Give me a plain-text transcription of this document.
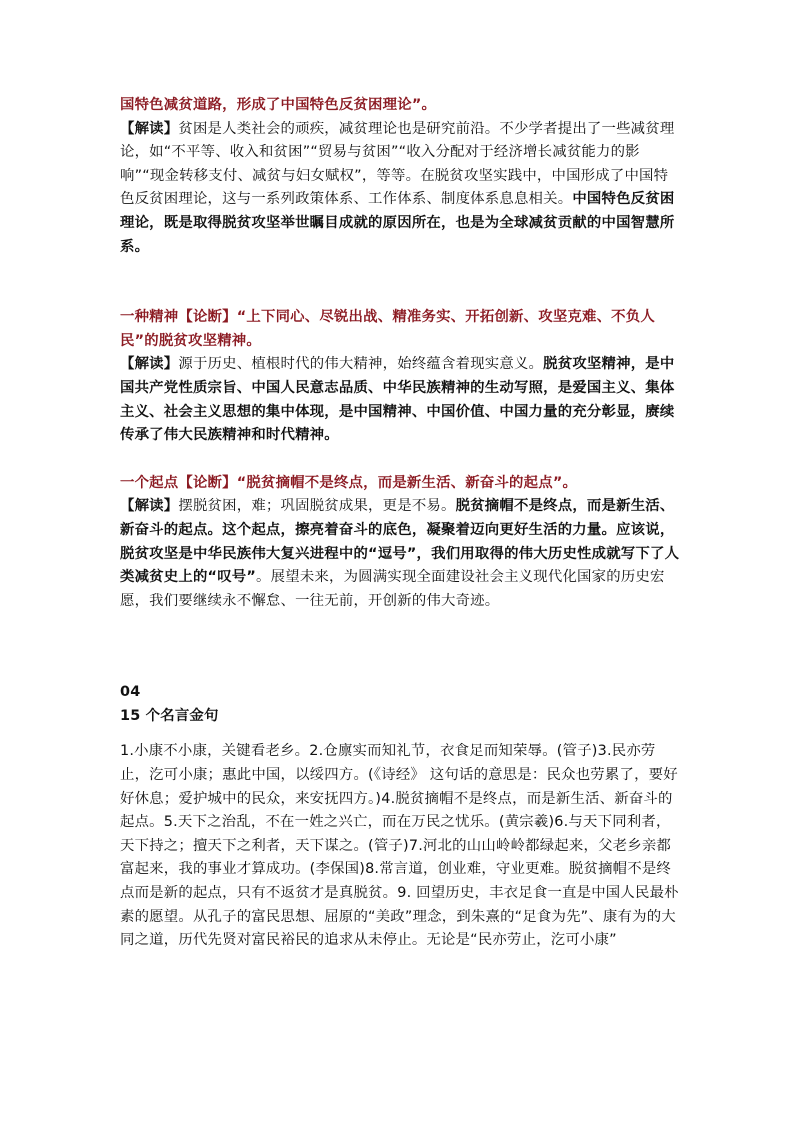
国特色减贫道路，形成了中国特色反贫困理论”。
【解读】贫困是人类社会的顽疾，减贫理论也是研究前沿。不少学者提出了一些减贫理论，如“不平等、收入和贫困”“贸易与贫困”“收入分配对于经济增长减贫能力的影响”“现金转移支付、减贫与妇女赋权”，等等。在脱贫攻坚实践中，中国形成了中国特色反贫困理论，这与一系列政策体系、工作体系、制度体系息息相关。中国特色反贫困理论，既是取得脱贫攻坚举世瞩目成就的原因所在，也是为全球减贫贡献的中国智慧所系。

一种精神【论断】“上下同心、尽锐出战、精准务实、开拓创新、攻坚克难、不负人民”的脱贫攻坚精神。
【解读】源于历史、植根时代的伟大精神，始终蕴含着现实意义。脱贫攻坚精神，是中国共产党性质宗旨、中国人民意志品质、中华民族精神的生动写照，是爱国主义、集体主义、社会主义思想的集中体现，是中国精神、中国价值、中国力量的充分彰显，赓续传承了伟大民族精神和时代精神。

一个起点【论断】“脱贫摘帽不是终点，而是新生活、新奋斗的起点”。
【解读】摆脱贫困，难；巩固脱贫成果，更是不易。脱贫摘帽不是终点，而是新生活、新奋斗的起点。这个起点，擦亮着奋斗的底色，凝聚着迈向更好生活的力量。应该说，脱贫攻坚是中华民族伟大复兴进程中的“逗号”，我们用取得的伟大历史性成就写下了人类减贫史上的“叹号”。展望未来，为圆满实现全面建设社会主义现代化国家的历史宏愿，我们要继续永不懈怠、一往无前，开创新的伟大奇迹。

04

15 个名言金句

1.小康不小康，关键看老乡。2.仓廪实而知礼节，衣食足而知荣辱。(管子)3.民亦劳止，汔可小康；惠此中国，以绥四方。(《诗经》 这句话的意思是：民众也劳累了，要好好休息；爱护城中的民众，来安抚四方。)4.脱贫摘帽不是终点，而是新生活、新奋斗的起点。5.天下之治乱，不在一姓之兴亡，而在万民之忧乐。(黄宗羲)6.与天下同利者，天下持之；擅天下之利者，天下谋之。(管子)7.河北的山山岭岭都绿起来，父老乡亲都富起来，我的事业才算成功。(李保国)8.常言道，创业难，守业更难。脱贫摘帽不是终点而是新的起点，只有不返贫才是真脱贫。9. 回望历史，丰衣足食一直是中国人民最朴素的愿望。从孔子的富民思想、屈原的“美政”理念，到朱熹的“足食为先”、康有为的大同之道，历代先贤对富民裕民的追求从未停止。无论是“民亦劳止，汔可小康”
